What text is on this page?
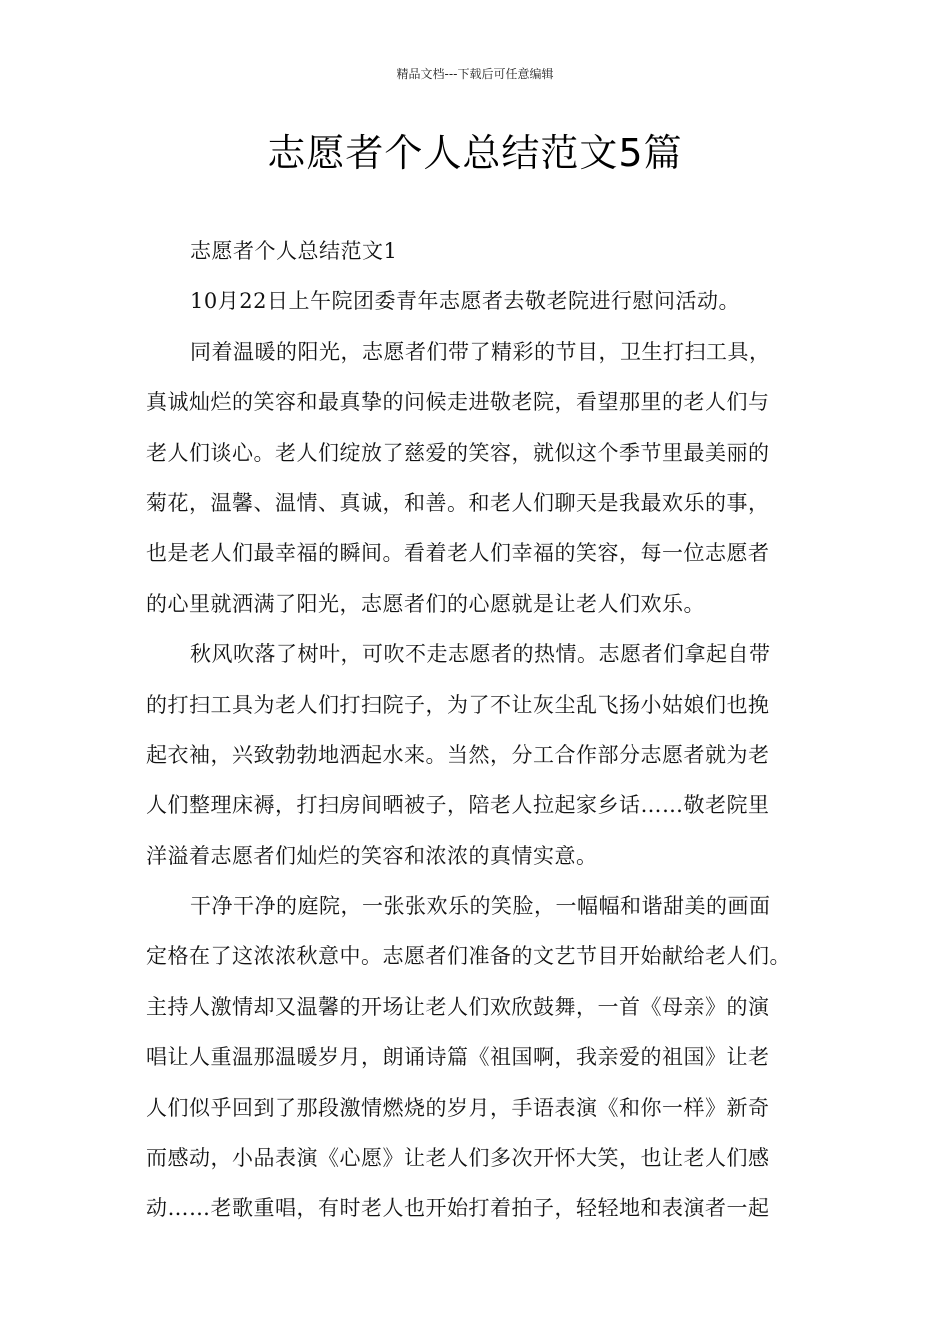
精品文档---下载后可任意编辑
志愿者个人总结范文5篇
志愿者个人总结范文1
10月22日上午院团委青年志愿者去敬老院进行慰问活动。
同着温暖的阳光，志愿者们带了精彩的节目，卫生打扫工具，
真诚灿烂的笑容和最真挚的问候走进敬老院，看望那里的老人们与
老人们谈心。老人们绽放了慈爱的笑容，就似这个季节里最美丽的
菊花，温馨、温情、真诚，和善。和老人们聊天是我最欢乐的事，
也是老人们最幸福的瞬间。看着老人们幸福的笑容，每一位志愿者
的心里就洒满了阳光，志愿者们的心愿就是让老人们欢乐。
秋风吹落了树叶，可吹不走志愿者的热情。志愿者们拿起自带
的打扫工具为老人们打扫院子，为了不让灰尘乱飞扬小姑娘们也挽
起衣袖，兴致勃勃地洒起水来。当然，分工合作部分志愿者就为老
人们整理床褥，打扫房间晒被子，陪老人拉起家乡话……敬老院里
洋溢着志愿者们灿烂的笑容和浓浓的真情实意。
干净干净的庭院，一张张欢乐的笑脸，一幅幅和谐甜美的画面
定格在了这浓浓秋意中。志愿者们准备的文艺节目开始献给老人们。
主持人激情却又温馨的开场让老人们欢欣鼓舞，一首《母亲》的演
唱让人重温那温暖岁月，朗诵诗篇《祖国啊，我亲爱的祖国》让老
人们似乎回到了那段激情燃烧的岁月，手语表演《和你一样》新奇
而感动，小品表演《心愿》让老人们多次开怀大笑，也让老人们感
动……老歌重唱，有时老人也开始打着拍子，轻轻地和表演者一起
